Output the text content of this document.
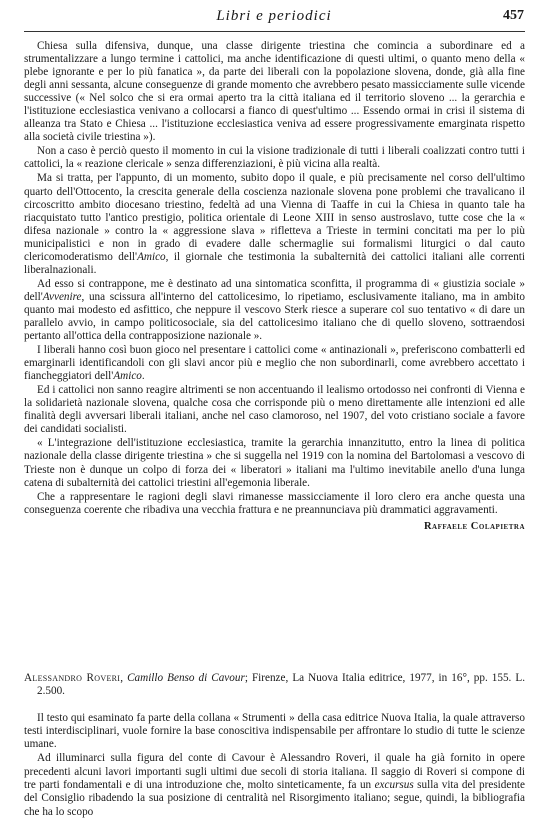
Libri e periodici	457

Chiesa sulla difensiva, dunque, una classe dirigente triestina che comincia a subordinare ed a strumentalizzare a lungo termine i cattolici, ma anche identificazione di questi ultimi, o quanto meno della « plebe ignorante e per lo più fanatica », da parte dei liberali con la popolazione slovena, donde, già alla fine degli anni sessanta, alcune conseguenze di grande momento che avrebbero pesato massicciamente sulle vicende successive (« Nel solco che si era ormai aperto tra la città italiana ed il territorio sloveno ... la gerarchia e l'istituzione ecclesiastica venivano a collocarsi a fianco di quest'ultimo ... Essendo ormai in crisi il sistema di alleanza tra Stato e Chiesa ... l'istituzione ecclesiastica veniva ad essere progressivamente emarginata rispetto alla società civile triestina »).

Non a caso è perciò questo il momento in cui la visione tradizionale di tutti i liberali coalizzati contro tutti i cattolici, la « reazione clericale » senza differenziazioni, è più vicina alla realtà.

Ma si tratta, per l'appunto, di un momento, subito dopo il quale, e più precisamente nel corso dell'ultimo quarto dell'Ottocento, la crescita generale della coscienza nazionale slovena pone problemi che travalicano il circoscritto ambito diocesano triestino, fedeltà ad una Vienna di Taaffe in cui la Chiesa in quanto tale ha riacquistato tutto l'antico prestigio, politica orientale di Leone XIII in senso austroslavo, tutte cose che la « difesa nazionale » contro la « aggressione slava » rifletteva a Trieste in termini concitati ma per lo più municipalistici e non in grado di evadere dalle schermaglie sui formalismi liturgici o dal cauto clericomoderatismo dell'Amico, il giornale che testimonia la subalternità dei cattolici italiani alle correnti liberalnazionali.

Ad esso si contrappone, me è destinato ad una sintomatica sconfitta, il programma di « giustizia sociale » dell'Avvenire, una scissura all'interno del cattolicesimo, lo ripetiamo, esclusivamente italiano, ma in ambito quanto mai modesto ed asfittico, che neppure il vescovo Sterk riesce a superare col suo tentativo « di dare un parallelo avvio, in campo politicosociale, sia del cattolicesimo italiano che di quello sloveno, sottraendosi pertanto all'ottica della contrapposizione nazionale ».

I liberali hanno così buon gioco nel presentare i cattolici come « antinazionali », preferiscono combatterli ed emarginarli identificandoli con gli slavi ancor più e meglio che non subordinarli, come avrebbero accettato i fiancheggiatori dell'Amico.

Ed i cattolici non sanno reagire altrimenti se non accentuando il lealismo ortodosso nei confronti di Vienna e la solidarietà nazionale slovena, qualche cosa che corrisponde più o meno direttamente alle intenzioni ed alle finalità degli avversari liberali italiani, anche nel caso clamoroso, nel 1907, del voto cristiano sociale a favore dei candidati socialisti.

« L'integrazione dell'istituzione ecclesiastica, tramite la gerarchia innanzitutto, entro la linea di politica nazionale della classe dirigente triestina » che si suggella nel 1919 con la nomina del Bartolomasi a vescovo di Trieste non è dunque un colpo di forza dei « liberatori » italiani ma l'ultimo inevitabile anello d'una lunga catena di subalternità dei cattolici triestini all'egemonia liberale.

Che a rappresentare le ragioni degli slavi rimanesse massicciamente il loro clero era anche questa una conseguenza coerente che ribadiva una vecchia frattura e ne preannunciava più drammatici aggravamenti.

Raffaele Colapietra
Alessandro Roveri, Camillo Benso di Cavour; Firenze, La Nuova Italia editrice, 1977, in 16°, pp. 155. L. 2.500.

Il testo qui esaminato fa parte della collana « Strumenti » della casa editrice Nuova Italia, la quale attraverso testi interdisciplinari, vuole fornire la base conoscitiva indispensabile per affrontare lo studio di tutte le scienze umane.

Ad illuminarci sulla figura del conte di Cavour è Alessandro Roveri, il quale ha già fornito in opere precedenti alcuni lavori importanti sugli ultimi due secoli di storia italiana. Il saggio di Roveri si compone di tre parti fondamentali e di una introduzione che, molto sinteticamente, fa un excursus sulla vita del presidente del Consiglio ribadendo la sua posizione di centralità nel Risorgimento italiano; segue, quindi, la bibliografia che ha lo scopo
